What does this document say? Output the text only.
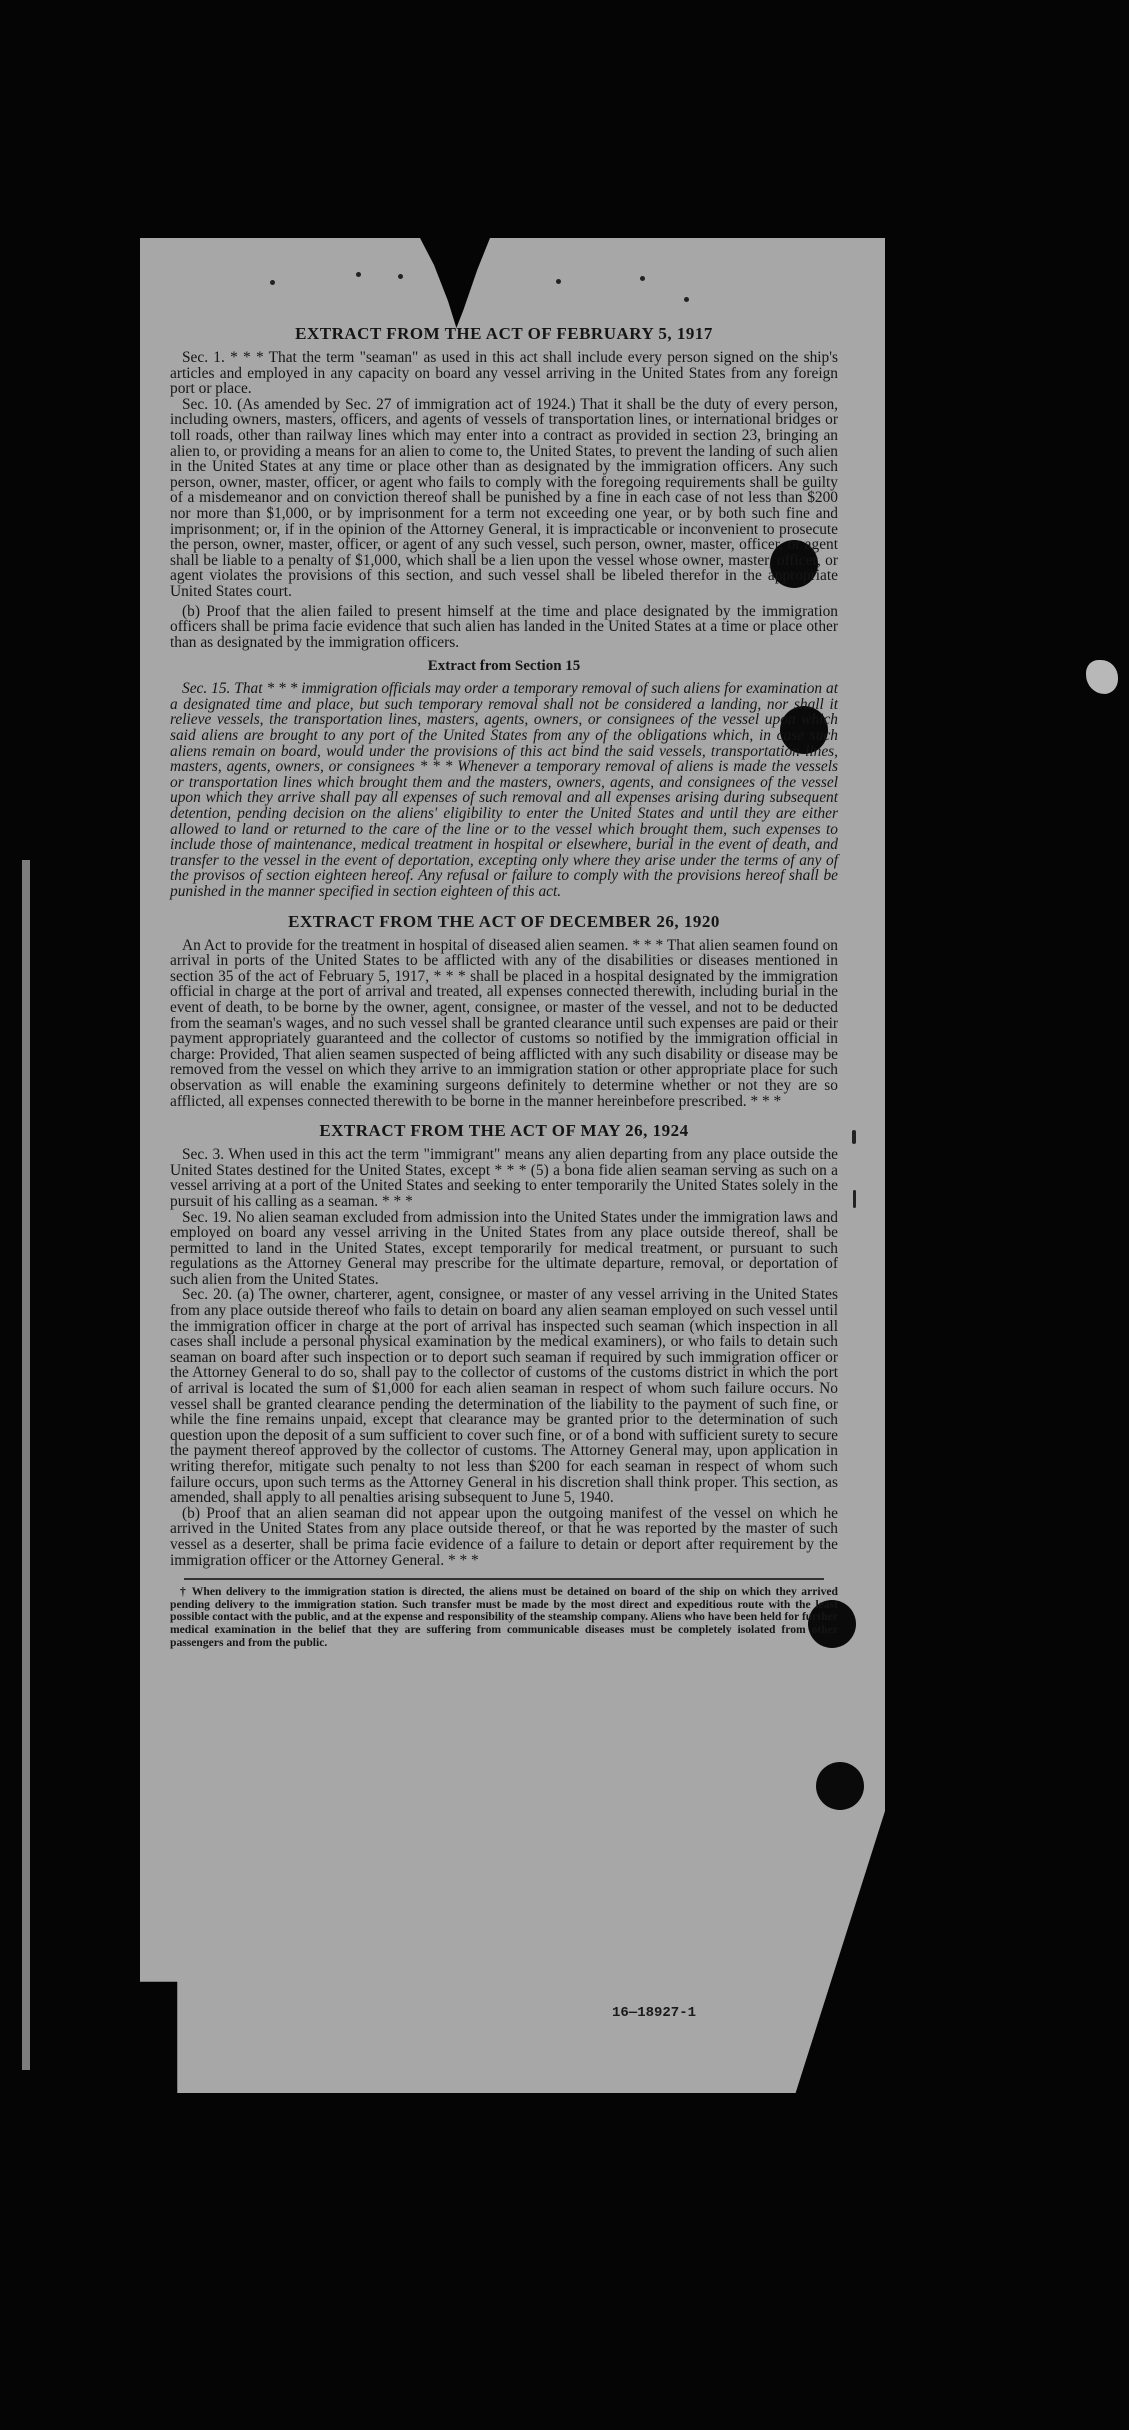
EXTRACT FROM THE ACT OF FEBRUARY 5, 1917

Sec. 1. * * * That the term "seaman" as used in this act shall include every person signed on the ship's articles and employed in any capacity on board any vessel arriving in the United States from any foreign port or place.

Sec. 10. (As amended by Sec. 27 of immigration act of 1924.) That it shall be the duty of every person, including owners, masters, officers, and agents of vessels of transportation lines, or international bridges or toll roads, other than railway lines which may enter into a contract as provided in section 23, bringing an alien to, or providing a means for an alien to come to, the United States, to prevent the landing of such alien in the United States at any time or place other than as designated by the immigration officers. Any such person, owner, master, officer, or agent who fails to comply with the foregoing requirements shall be guilty of a misdemeanor and on conviction thereof shall be punished by a fine in each case of not less than $200 nor more than $1,000, or by imprisonment for a term not exceeding one year, or by both such fine and imprisonment; or, if in the opinion of the Attorney General, it is impracticable or inconvenient to prosecute the person, owner, master, officer, or agent of any such vessel, such person, owner, master, officer, or agent shall be liable to a penalty of $1,000, which shall be a lien upon the vessel whose owner, master, officer, or agent violates the provisions of this section, and such vessel shall be libeled therefor in the appropriate United States court.

(b) Proof that the alien failed to present himself at the time and place designated by the immigration officers shall be prima facie evidence that such alien has landed in the United States at a time or place other than as designated by the immigration officers.

Extract from Section 15

Sec. 15. That * * * immigration officials may order a temporary removal of such aliens for examination at a designated time and place, but such temporary removal shall not be considered a landing, nor shall it relieve vessels, the transportation lines, masters, agents, owners, or consignees of the vessel upon which said aliens are brought to any port of the United States from any of the obligations which, in case such aliens remain on board, would under the provisions of this act bind the said vessels, transportation lines, masters, agents, owners, or consignees * * * Whenever a temporary removal of aliens is made the vessels or transportation lines which brought them and the masters, owners, agents, and consignees of the vessel upon which they arrive shall pay all expenses of such removal and all expenses arising during subsequent detention, pending decision on the aliens' eligibility to enter the United States and until they are either allowed to land or returned to the care of the line or to the vessel which brought them, such expenses to include those of maintenance, medical treatment in hospital or elsewhere, burial in the event of death, and transfer to the vessel in the event of deportation, excepting only where they arise under the terms of any of the provisos of section eighteen hereof. Any refusal or failure to comply with the provisions hereof shall be punished in the manner specified in section eighteen of this act.

EXTRACT FROM THE ACT OF DECEMBER 26, 1920

An Act to provide for the treatment in hospital of diseased alien seamen. * * * That alien seamen found on arrival in ports of the United States to be afflicted with any of the disabilities or diseases mentioned in section 35 of the act of February 5, 1917, * * * shall be placed in a hospital designated by the immigration official in charge at the port of arrival and treated, all expenses connected therewith, including burial in the event of death, to be borne by the owner, agent, consignee, or master of the vessel, and not to be deducted from the seaman's wages, and no such vessel shall be granted clearance until such expenses are paid or their payment appropriately guaranteed and the collector of customs so notified by the immigration official in charge: Provided, That alien seamen suspected of being afflicted with any such disability or disease may be removed from the vessel on which they arrive to an immigration station or other appropriate place for such observation as will enable the examining surgeons definitely to determine whether or not they are so afflicted, all expenses connected therewith to be borne in the manner hereinbefore prescribed. * * *

EXTRACT FROM THE ACT OF MAY 26, 1924

Sec. 3. When used in this act the term "immigrant" means any alien departing from any place outside the United States destined for the United States, except * * * (5) a bona fide alien seaman serving as such on a vessel arriving at a port of the United States and seeking to enter temporarily the United States solely in the pursuit of his calling as a seaman. * * *

Sec. 19. No alien seaman excluded from admission into the United States under the immigration laws and employed on board any vessel arriving in the United States from any place outside thereof, shall be permitted to land in the United States, except temporarily for medical treatment, or pursuant to such regulations as the Attorney General may prescribe for the ultimate departure, removal, or deportation of such alien from the United States.

Sec. 20. (a) The owner, charterer, agent, consignee, or master of any vessel arriving in the United States from any place outside thereof who fails to detain on board any alien seaman employed on such vessel until the immigration officer in charge at the port of arrival has inspected such seaman (which inspection in all cases shall include a personal physical examination by the medical examiners), or who fails to detain such seaman on board after such inspection or to deport such seaman if required by such immigration officer or the Attorney General to do so, shall pay to the collector of customs of the customs district in which the port of arrival is located the sum of $1,000 for each alien seaman in respect of whom such failure occurs. No vessel shall be granted clearance pending the determination of the liability to the payment of such fine, or while the fine remains unpaid, except that clearance may be granted prior to the determination of such question upon the deposit of a sum sufficient to cover such fine, or of a bond with sufficient surety to secure the payment thereof approved by the collector of customs. The Attorney General may, upon application in writing therefor, mitigate such penalty to not less than $200 for each seaman in respect of whom such failure occurs, upon such terms as the Attorney General in his discretion shall think proper. This section, as amended, shall apply to all penalties arising subsequent to June 5, 1940.

(b) Proof that an alien seaman did not appear upon the outgoing manifest of the vessel on which he arrived in the United States from any place outside thereof, or that he was reported by the master of such vessel as a deserter, shall be prima facie evidence of a failure to detain or deport after requirement by the immigration officer or the Attorney General. * * *

† When delivery to the immigration station is directed, the aliens must be detained on board of the ship on which they arrived pending delivery to the immigration station. Such transfer must be made by the most direct and expeditious route with the least possible contact with the public, and at the expense and responsibility of the steamship company. Aliens who have been held for further medical examination in the belief that they are suffering from communicable diseases must be completely isolated from other passengers and from the public.

16—18927-1
